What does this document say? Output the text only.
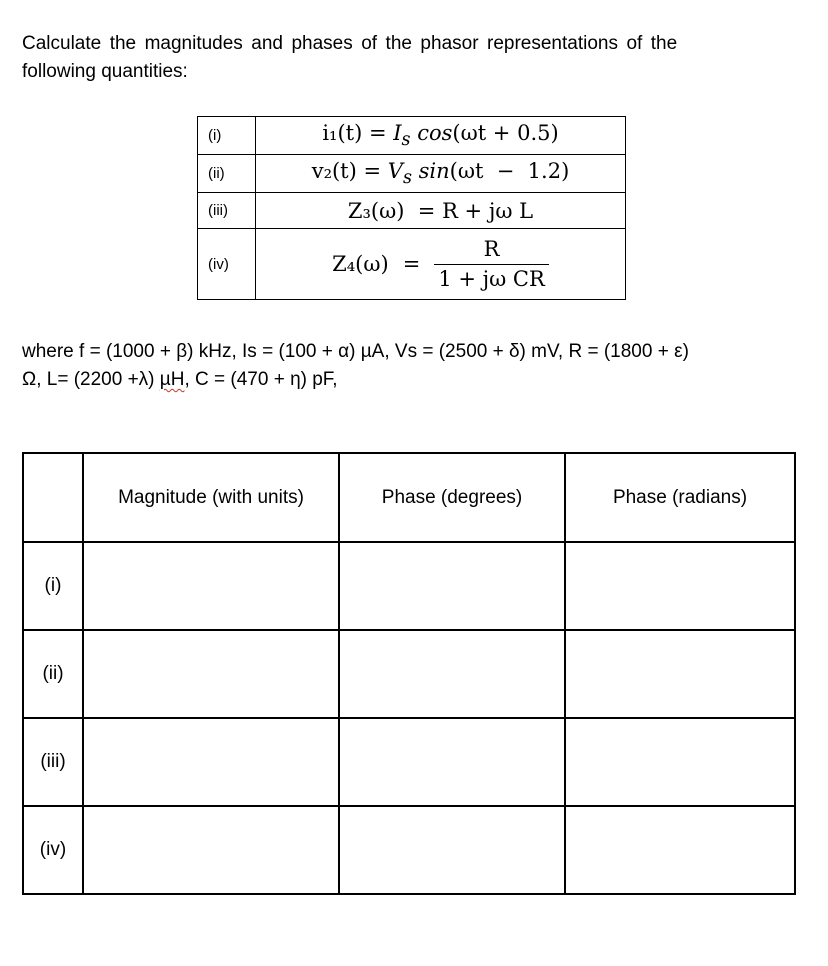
Calculate the magnitudes and phases of the phasor representations of the
following quantities:
(i)	$i_1(t) = I_s$ cos(ωt + 0.5)
(ii)	$v_2(t) = V_s$ sin(ωt  −  1.2)
(iii)	Z₃(ω)  = R + jω L
(iv)	$Z_4(\omega) = \frac{R}{\text{1 + jω CR}}$
where f = (1000 + β) kHz, Is = (100 + α) µA, Vs = (2500 + δ) mV, R = (1800 + ε)
Ω, L= (2200 +λ) µH, C = (470 + η) pF,
	Magnitude (with units)	Phase (degrees)	Phase (radians)
(i)			
(ii)			
(iii)			
(iv)			
